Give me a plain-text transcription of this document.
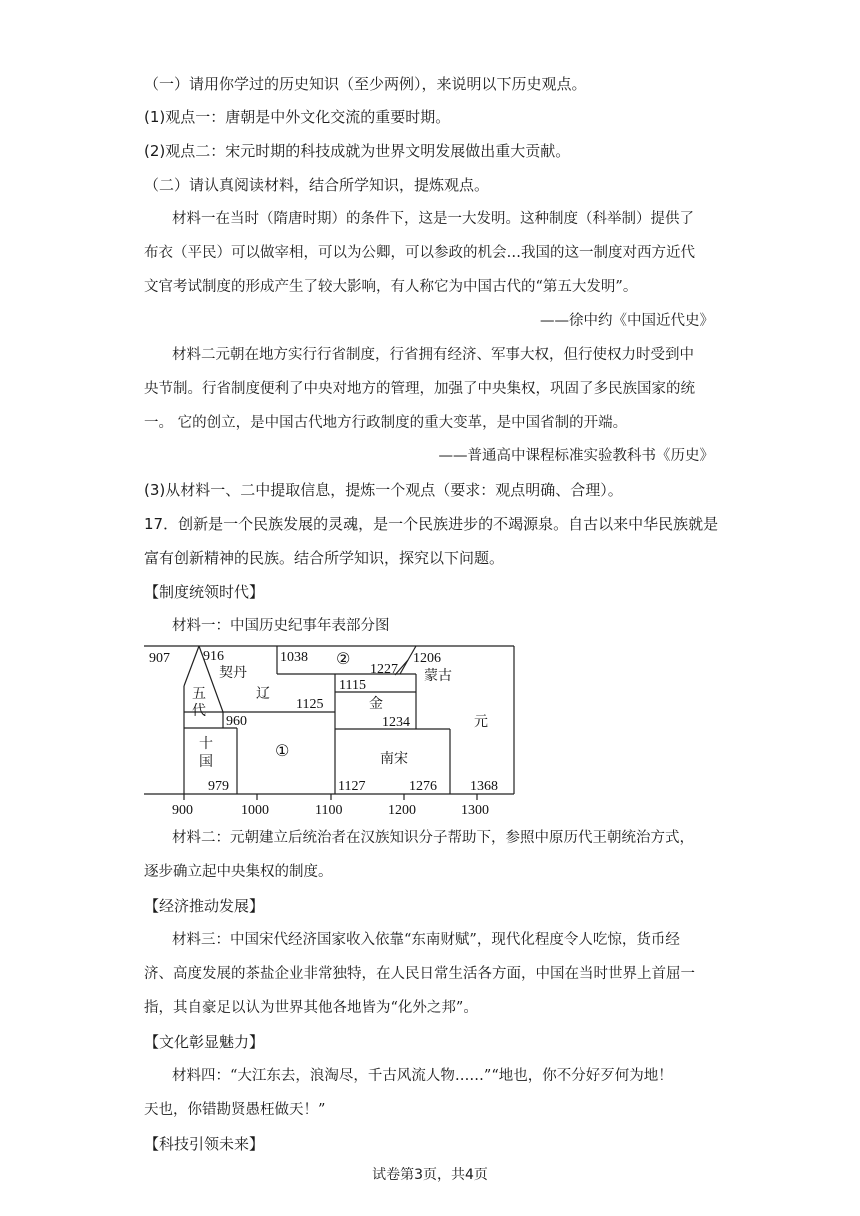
（一）请用你学过的历史知识（至少两例），来说明以下历史观点。
(1)观点一：唐朝是中外文化交流的重要时期。
(2)观点二：宋元时期的科技成就为世界文明发展做出重大贡献。
（二）请认真阅读材料，结合所学知识，提炼观点。
材料一在当时（隋唐时期）的条件下，这是一大发明。这种制度（科举制）提供了
布衣（平民）可以做宰相，可以为公卿，可以参政的机会…我国的这一制度对西方近代
文官考试制度的形成产生了较大影响，有人称它为中国古代的“第五大发明”。
——徐中约《中国近代史》
材料二元朝在地方实行行省制度，行省拥有经济、军事大权，但行使权力时受到中
央节制。行省制度便利了中央对地方的管理，加强了中央集权，巩固了多民族国家的统
一。 它的创立，是中国古代地方行政制度的重大变革，是中国省制的开端。
——普通高中课程标准实验教科书《历史》
(3)从材料一、二中提取信息，提炼一个观点（要求：观点明确、合理）。
17．创新是一个民族发展的灵魂，是一个民族进步的不竭源泉。自古以来中华民族就是
富有创新精神的民族。结合所学知识，探究以下问题。
【制度统领时代】
材料一：中国历史纪事年表部分图
907 916	1038 ②
1227
1206
蒙古
契丹
五
代
辽
1115
金
1125
960	1234	元
十
国
①	南宋
979	1127	1276 1368
900	1000	1100	1200	1300
材料二：元朝建立后统治者在汉族知识分子帮助下，参照中原历代王朝统治方式，
逐步确立起中央集权的制度。
【经济推动发展】
材料三：中国宋代经济国家收入依靠“东南财赋”，现代化程度令人吃惊，货币经
济、高度发展的茶盐企业非常独特，在人民日常生活各方面，中国在当时世界上首屈一
指，其自豪足以认为世界其他各地皆为“化外之邦”。
【文化彰显魅力】
材料四：“大江东去，浪淘尽，千古风流人物……”“地也，你不分好歹何为地！
天也，你错勘贤愚枉做天！”
【科技引领未来】
试卷第3页，共4页
